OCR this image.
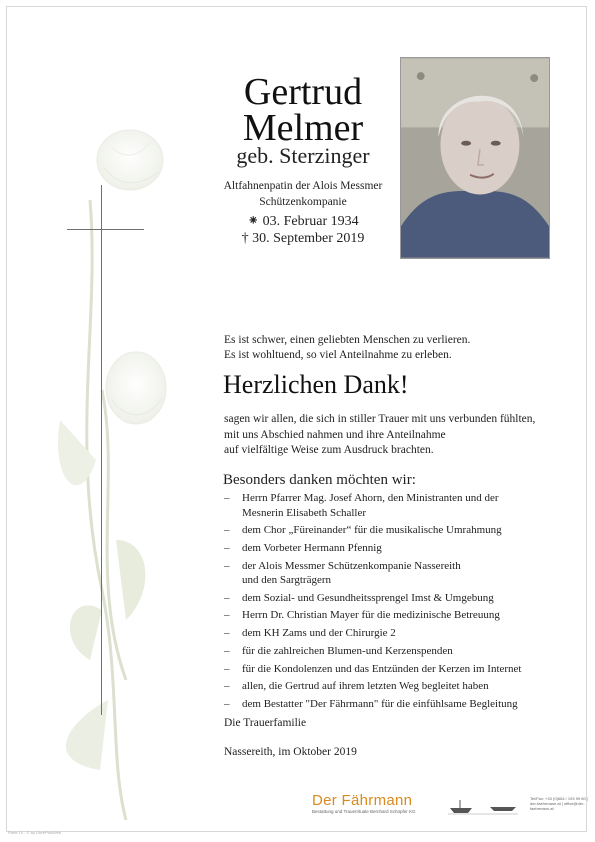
Gertrud
Melmer
geb. Sterzinger
Altfahnenpatin der Alois Messmer
Schützenkompanie
⁕ 03. Februar 1934
† 30. September 2019
Es ist schwer, einen geliebten Menschen zu verlieren.
Es ist wohltuend, so viel Anteilnahme zu erleben.
Herzlichen Dank!
sagen wir allen, die sich in stiller Trauer mit uns verbunden fühlten,
mit uns Abschied nahmen und ihre Anteilnahme
auf vielfältige Weise zum Ausdruck brachten.
Besonders danken möchten wir:
– Herrn Pfarrer Mag. Josef Ahorn, den Ministranten und der
Mesnerin Elisabeth Schaller
– dem Chor „Füreinander“ für die musikalische Umrahmung
– dem Vorbeter Hermann Pfennig
– der Alois Messmer Schützenkompanie Nassereith
und den Sargträgern
– dem Sozial- und Gesundheitssprengel Imst & Umgebung
– Herrn Dr. Christian Mayer für die medizinische Betreuung
– dem KH Zams und der Chirurgie 2
– für die zahlreichen Blumen-und Kerzenspenden
– für die Kondolenzen und das Entzünden der Kerzen im Internet
– allen, die Gertrud auf ihrem letzten Weg begleitet haben
– dem Bestatter "Der Fährmann" für die einfühlsame Begleitung
Die Trauerfamilie
Nassereith, im Oktober 2019
Der Fährmann
Bestattung und Trauerrituale Bernhard Schöpfer KG
Tel/Fax: +43 (0)664 / 193 99 60 | der-faehrmann.at | office@der-faehrmann.at
Parte 10 - © by LibrePlanWeb
